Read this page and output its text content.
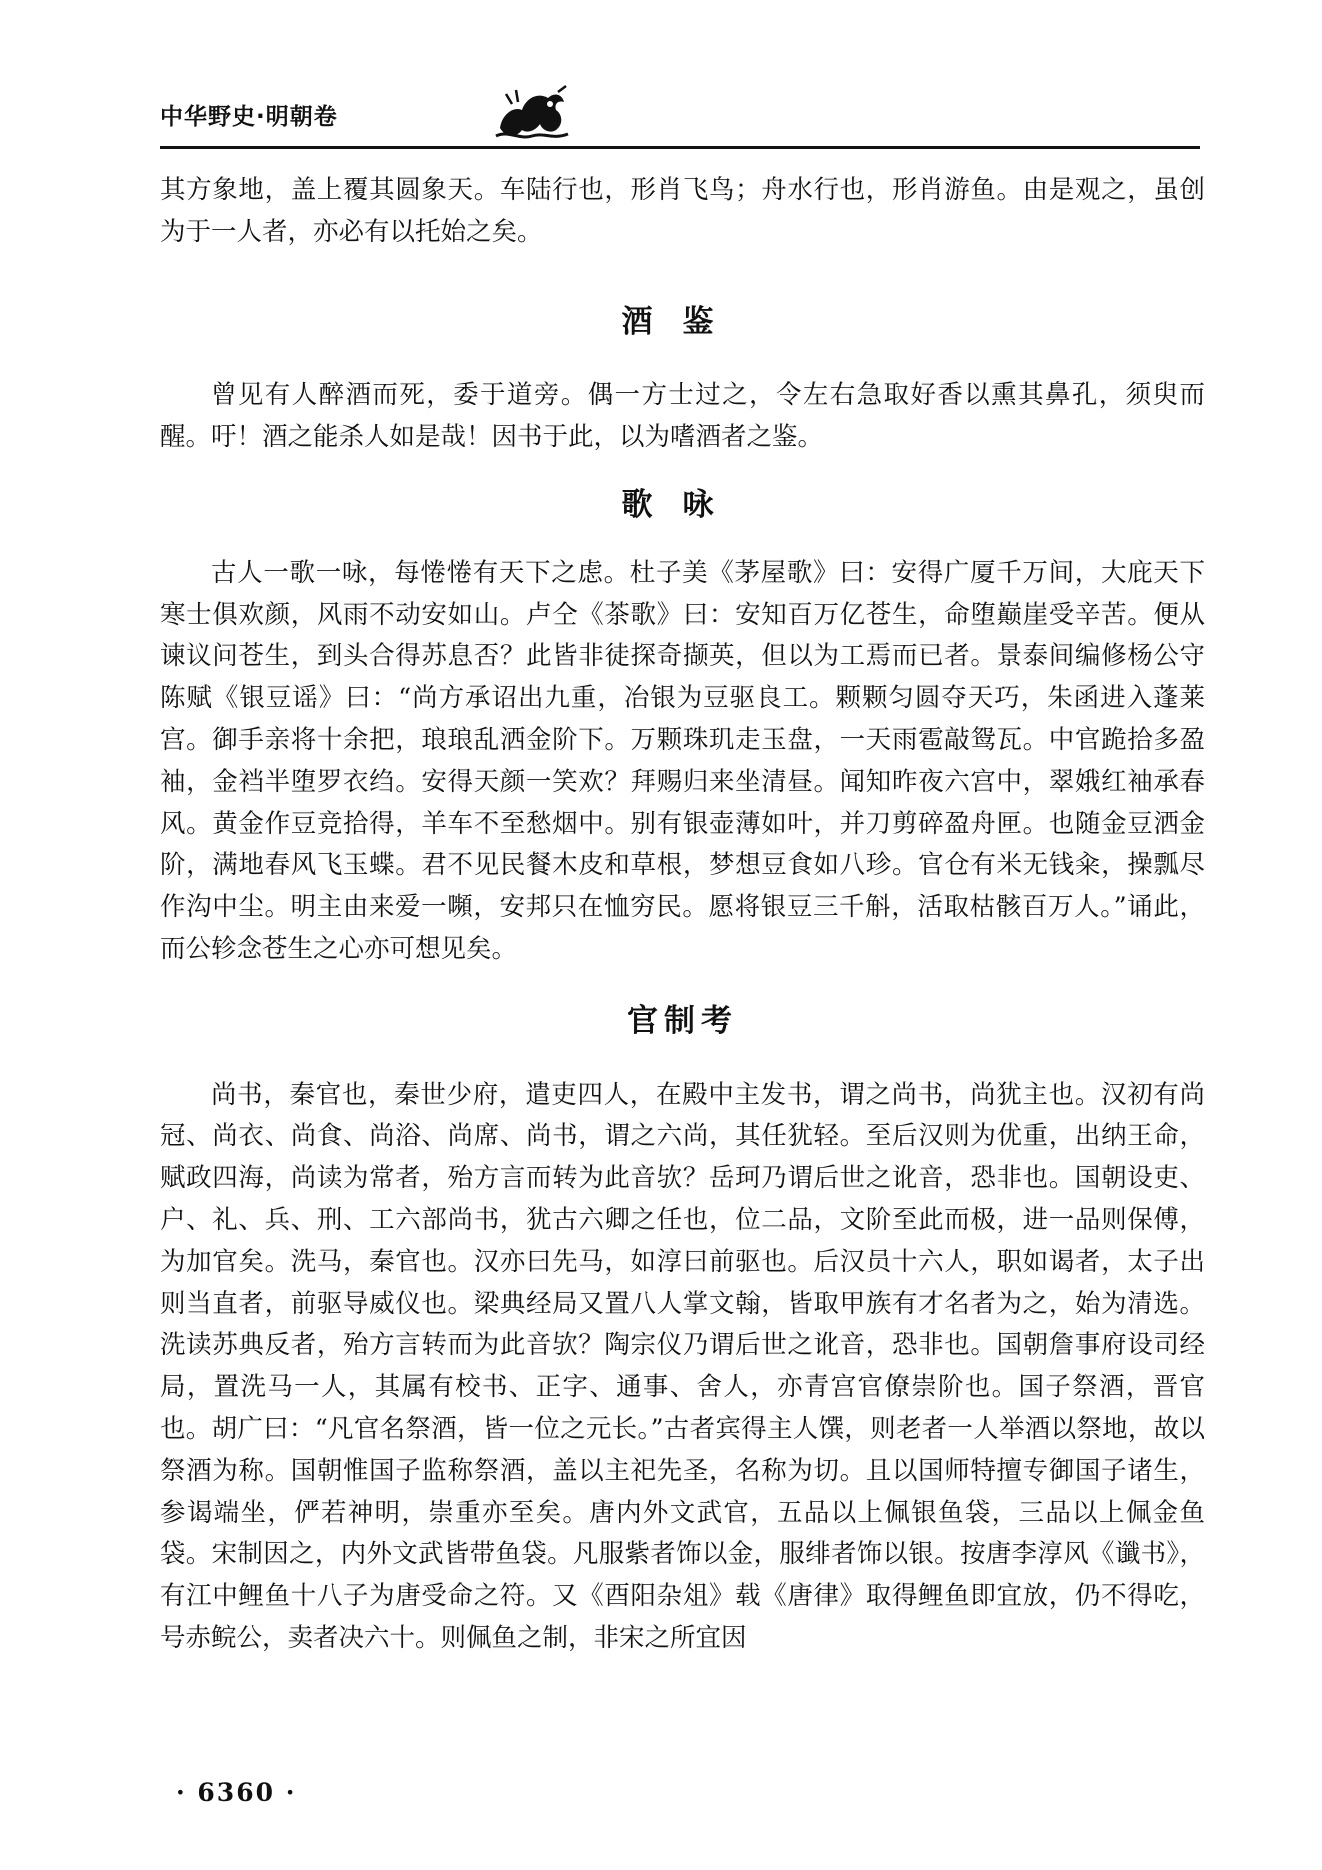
中华野史·明朝卷

其方象地，盖上覆其圆象天。车陆行也，形肖飞鸟；舟水行也，形肖游鱼。由是观之，虽创为于一人者，亦必有以托始之矣。

酒鉴

曾见有人醉酒而死，委于道旁。偶一方士过之，令左右急取好香以熏其鼻孔，须臾而醒。吁！酒之能杀人如是哉！因书于此，以为嗜酒者之鉴。

歌咏

古人一歌一咏，每惓惓有天下之虑。杜子美《茅屋歌》曰：安得广厦千万间，大庇天下寒士俱欢颜，风雨不动安如山。卢仝《茶歌》曰：安知百万亿苍生，命堕巅崖受辛苦。便从谏议问苍生，到头合得苏息否？此皆非徒探奇撷英，但以为工焉而已者。景泰间编修杨公守陈赋《银豆谣》曰：“尚方承诏出九重，冶银为豆驱良工。颗颗匀圆夺天巧，朱函进入蓬莱宫。御手亲将十余把，琅琅乱洒金阶下。万颗珠玑走玉盘，一天雨雹敲鸳瓦。中官跪拾多盈袖，金裆半堕罗衣绉。安得天颜一笑欢？拜赐归来坐清昼。闻知昨夜六宫中，翠娥红袖承春风。黄金作豆竞拾得，羊车不至愁烟中。别有银壶薄如叶，并刀剪碎盈舟匣。也随金豆洒金阶，满地春风飞玉蝶。君不见民餐木皮和草根，梦想豆食如八珍。官仓有米无钱籴，操瓢尽作沟中尘。明主由来爱一嚬，安邦只在恤穷民。愿将银豆三千斛，活取枯骸百万人。”诵此，而公轸念苍生之心亦可想见矣。

官制考

尚书，秦官也，秦世少府，遣吏四人，在殿中主发书，谓之尚书，尚犹主也。汉初有尚冠、尚衣、尚食、尚浴、尚席、尚书，谓之六尚，其任犹轻。至后汉则为优重，出纳王命，赋政四海，尚读为常者，殆方言而转为此音欤？岳珂乃谓后世之讹音，恐非也。国朝设吏、户、礼、兵、刑、工六部尚书，犹古六卿之任也，位二品，文阶至此而极，进一品则保傅，为加官矣。洗马，秦官也。汉亦曰先马，如淳曰前驱也。后汉员十六人，职如谒者，太子出则当直者，前驱导威仪也。梁典经局又置八人掌文翰，皆取甲族有才名者为之，始为清选。洗读苏典反者，殆方言转而为此音欤？陶宗仪乃谓后世之讹音，恐非也。国朝詹事府设司经局，置洗马一人，其属有校书、正字、通事、舍人，亦青宫官僚崇阶也。国子祭酒，晋官也。胡广曰：“凡官名祭酒，皆一位之元长。”古者宾得主人馔，则老者一人举酒以祭地，故以祭酒为称。国朝惟国子监称祭酒，盖以主祀先圣，名称为切。且以国师特擅专御国子诸生，参谒端坐，俨若神明，崇重亦至矣。唐内外文武官，五品以上佩银鱼袋，三品以上佩金鱼袋。宋制因之，内外文武皆带鱼袋。凡服紫者饰以金，服绯者饰以银。按唐李淳风《谶书》，有江中鲤鱼十八子为唐受命之符。又《酉阳杂俎》载《唐律》取得鲤鱼即宜放，仍不得吃，号赤鲩公，卖者决六十。则佩鱼之制，非宋之所宜因

· 6360 ·
